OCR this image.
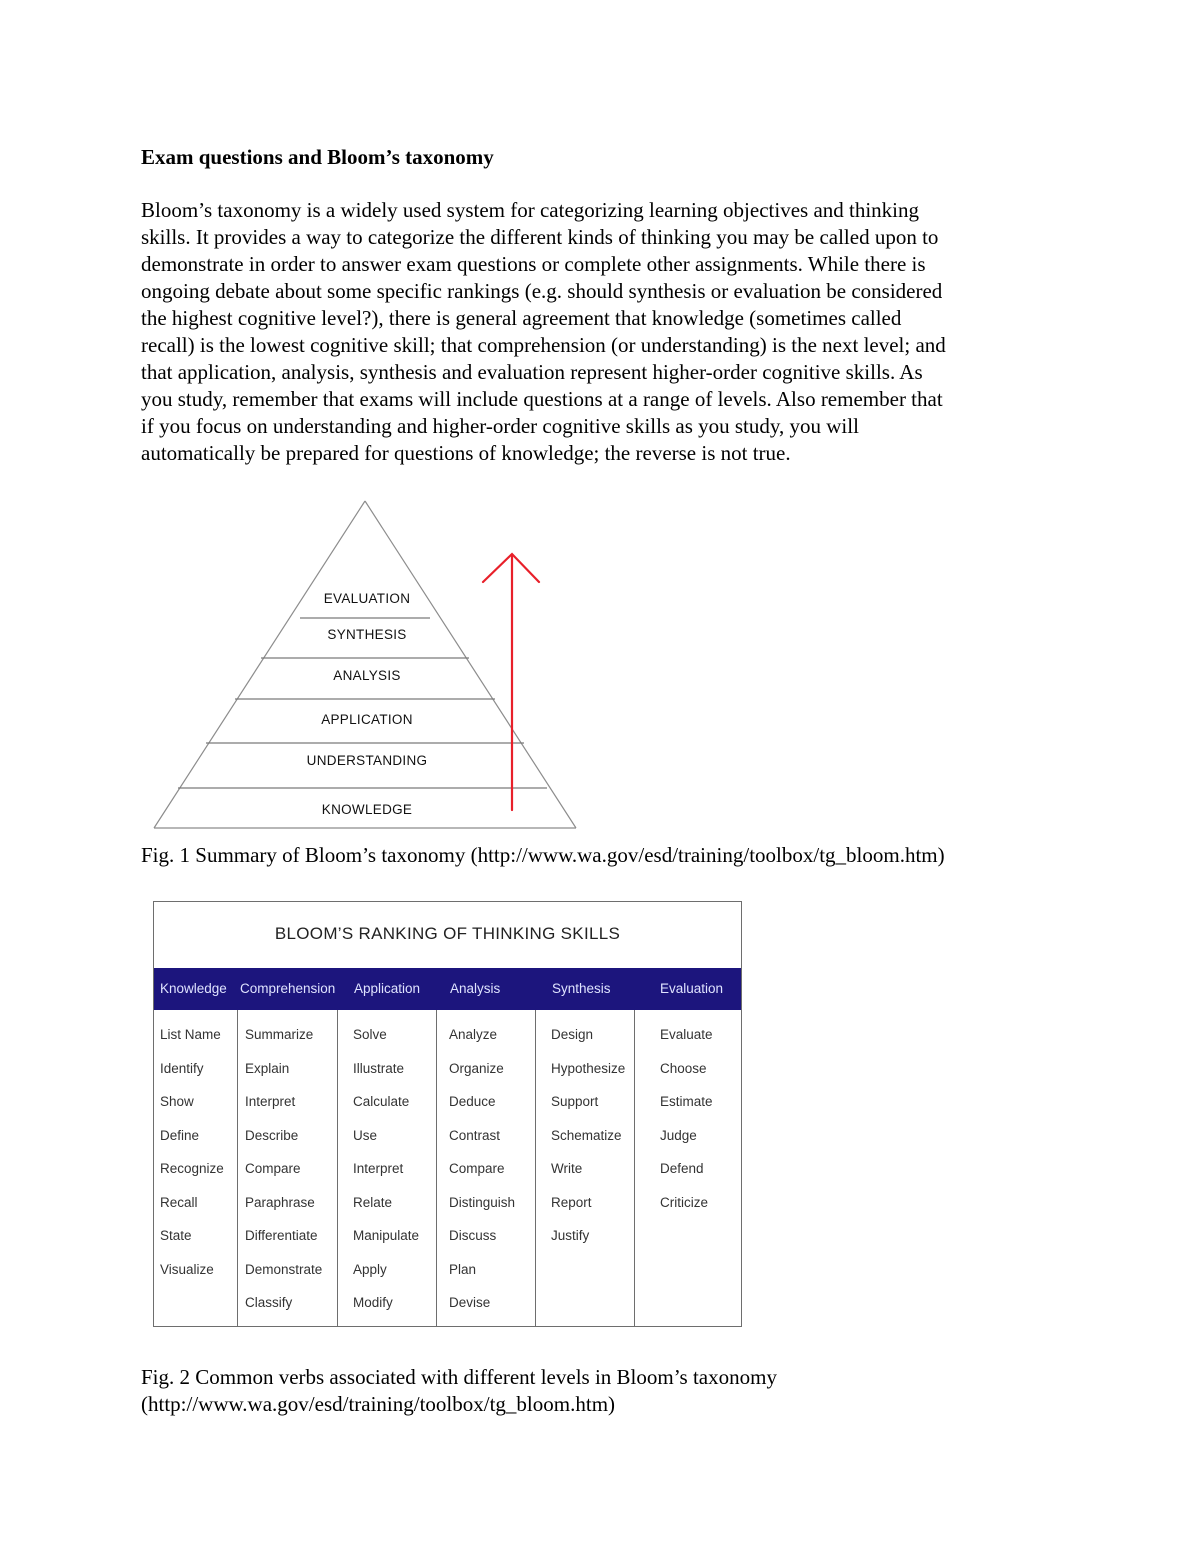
Exam questions and Bloom’s taxonomy
Bloom’s taxonomy is a widely used system for categorizing learning objectives and thinking
skills. It provides a way to categorize the different kinds of thinking you may be called upon to
demonstrate in order to answer exam questions or complete other assignments. While there is
ongoing debate about some specific rankings (e.g. should synthesis or evaluation be considered
the highest cognitive level?), there is general agreement that knowledge (sometimes called
recall) is the lowest cognitive skill; that comprehension (or understanding) is the next level; and
that application, analysis, synthesis and evaluation represent higher-order cognitive skills. As
you study, remember that exams will include questions at a range of levels. Also remember that
if you focus on understanding and higher-order cognitive skills as you study, you will
automatically be prepared for questions of knowledge; the reverse is not true.
EVALUATION
SYNTHESIS
ANALYSIS
APPLICATION
UNDERSTANDING
KNOWLEDGE
Fig. 1 Summary of Bloom’s taxonomy (http://www.wa.gov/esd/training/toolbox/tg_bloom.htm)
BLOOM’S RANKING OF THINKING SKILLS
Knowledge Comprehension Application Analysis	Synthesis	Evaluation
List Name
Identify
Show
Define
Recognize
Recall
State
Visualize
Summarize
Explain
Interpret
Describe
Compare
Paraphrase
Differentiate
Demonstrate
Classify
Solve
Illustrate
Calculate
Use
Interpret
Relate
Manipulate
Apply
Modify
Analyze
Organize
Deduce
Contrast
Compare
Distinguish
Discuss
Plan
Devise
Design
Hypothesize
Support
Schematize
Write
Report
Justify
Evaluate
Choose
Estimate
Judge
Defend
Criticize
Fig. 2 Common verbs associated with different levels in Bloom’s taxonomy
(http://www.wa.gov/esd/training/toolbox/tg_bloom.htm)
